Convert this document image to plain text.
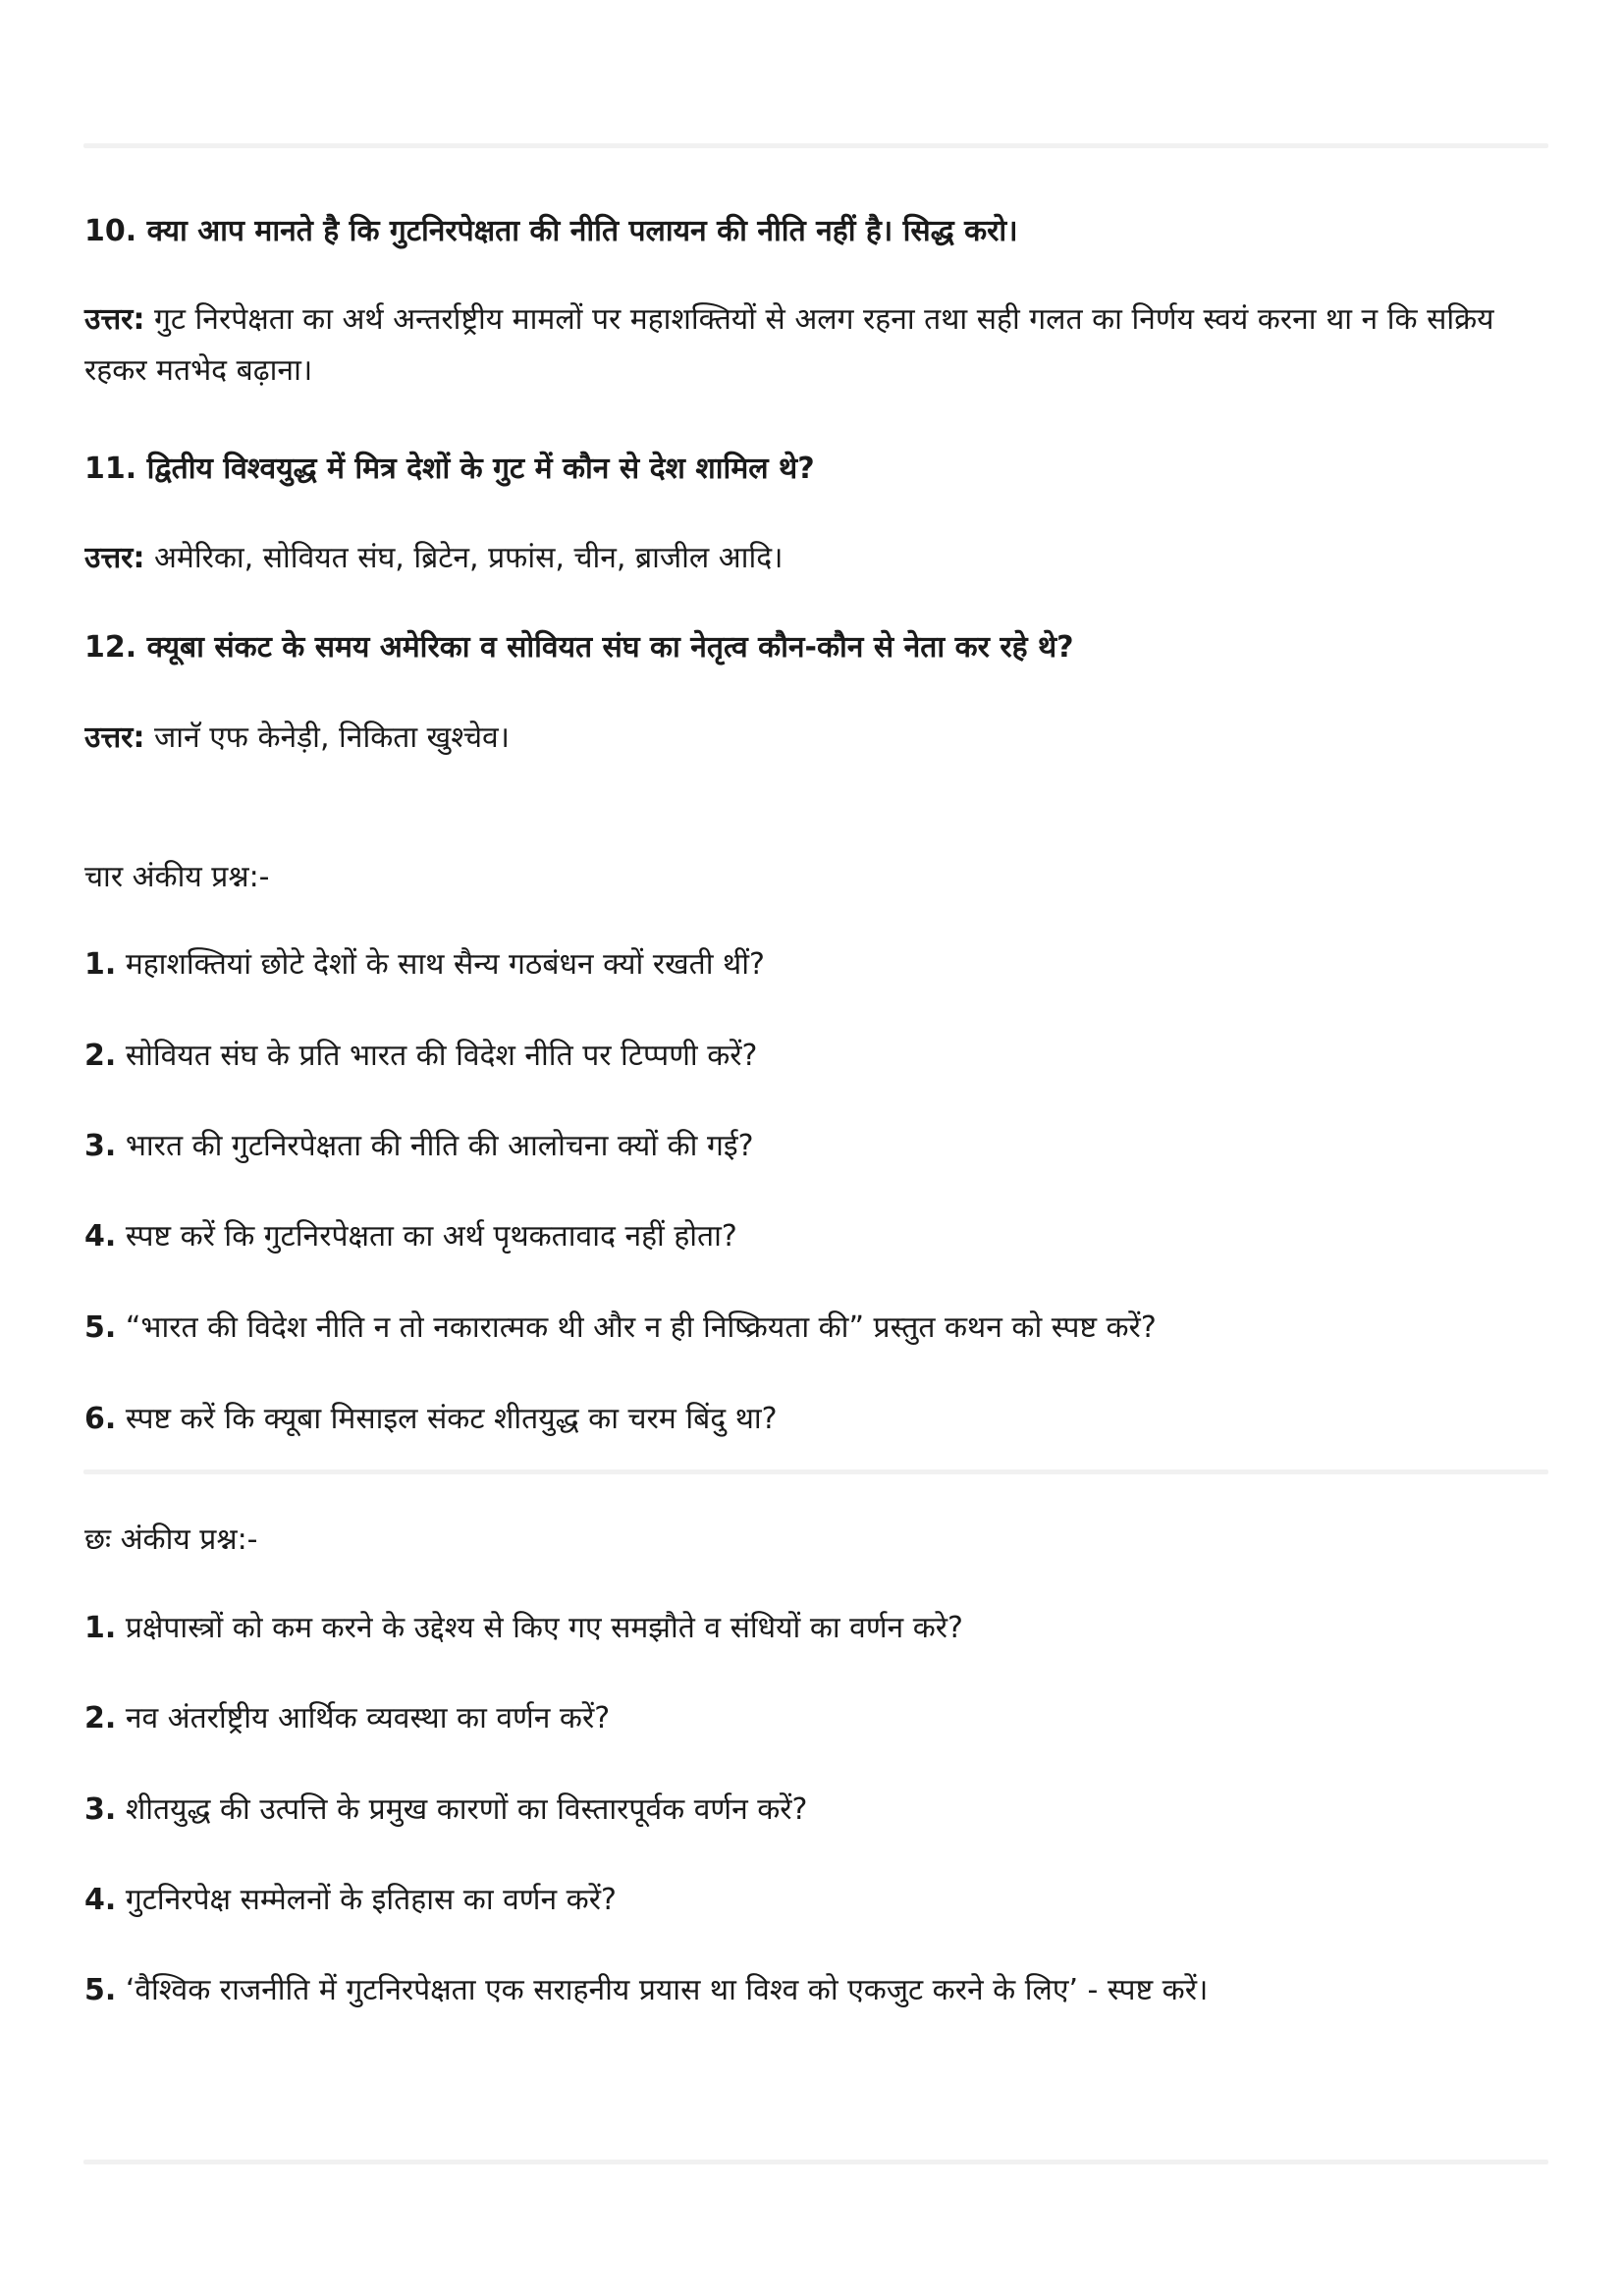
10. क्या आप मानते है कि गुटनिरपेक्षता की नीति पलायन की नीति नहीं है। सिद्ध करो।
उत्तर: गुट निरपेक्षता का अर्थ अन्तर्राष्ट्रीय मामलों पर महाशक्तियों से अलग रहना तथा सही गलत का निर्णय स्वयं करना था न कि सक्रिय रहकर मतभेद बढ़ाना।
11. द्वितीय विश्वयुद्ध में मित्र देशों के गुट में कौन से देश शामिल थे?
उत्तर: अमेरिका, सोवियत संघ, ब्रिटेन, प्रफांस, चीन, ब्राजील आदि।
12. क्यूबा संकट के समय अमेरिका व सोवियत संघ का नेतृत्व कौन-कौन से नेता कर रहे थे?
उत्तर: जानॅ एफ केनेड़ी, निकिता खुश्चेव।
चार अंकीय प्रश्न:-
1. महाशक्तियां छोटे देशों के साथ सैन्य गठबंधन क्यों रखती थीं?
2. सोवियत संघ के प्रति भारत की विदेश नीति पर टिप्पणी करें?
3. भारत की गुटनिरपेक्षता की नीति की आलोचना क्यों की गई?
4. स्पष्ट करें कि गुटनिरपेक्षता का अर्थ पृथकतावाद नहीं होता?
5. “भारत की विदेश नीति न तो नकारात्मक थी और न ही निष्क्रियता की” प्रस्तुत कथन को स्पष्ट करें?
6. स्पष्ट करें कि क्यूबा मिसाइल संकट शीतयुद्ध का चरम बिंदु था?
छः अंकीय प्रश्न:-
1. प्रक्षेपास्त्रों को कम करने के उद्देश्य से किए गए समझौते व संधियों का वर्णन करे?
2. नव अंतर्राष्ट्रीय आर्थिक व्यवस्था का वर्णन करें?
3. शीतयुद्ध की उत्पत्ति के प्रमुख कारणों का विस्तारपूर्वक वर्णन करें?
4. गुटनिरपेक्ष सम्मेलनों के इतिहास का वर्णन करें?
5. ‘वैश्विक राजनीति में गुटनिरपेक्षता एक सराहनीय प्रयास था विश्व को एकजुट करने के लिए’ - स्पष्ट करें।
